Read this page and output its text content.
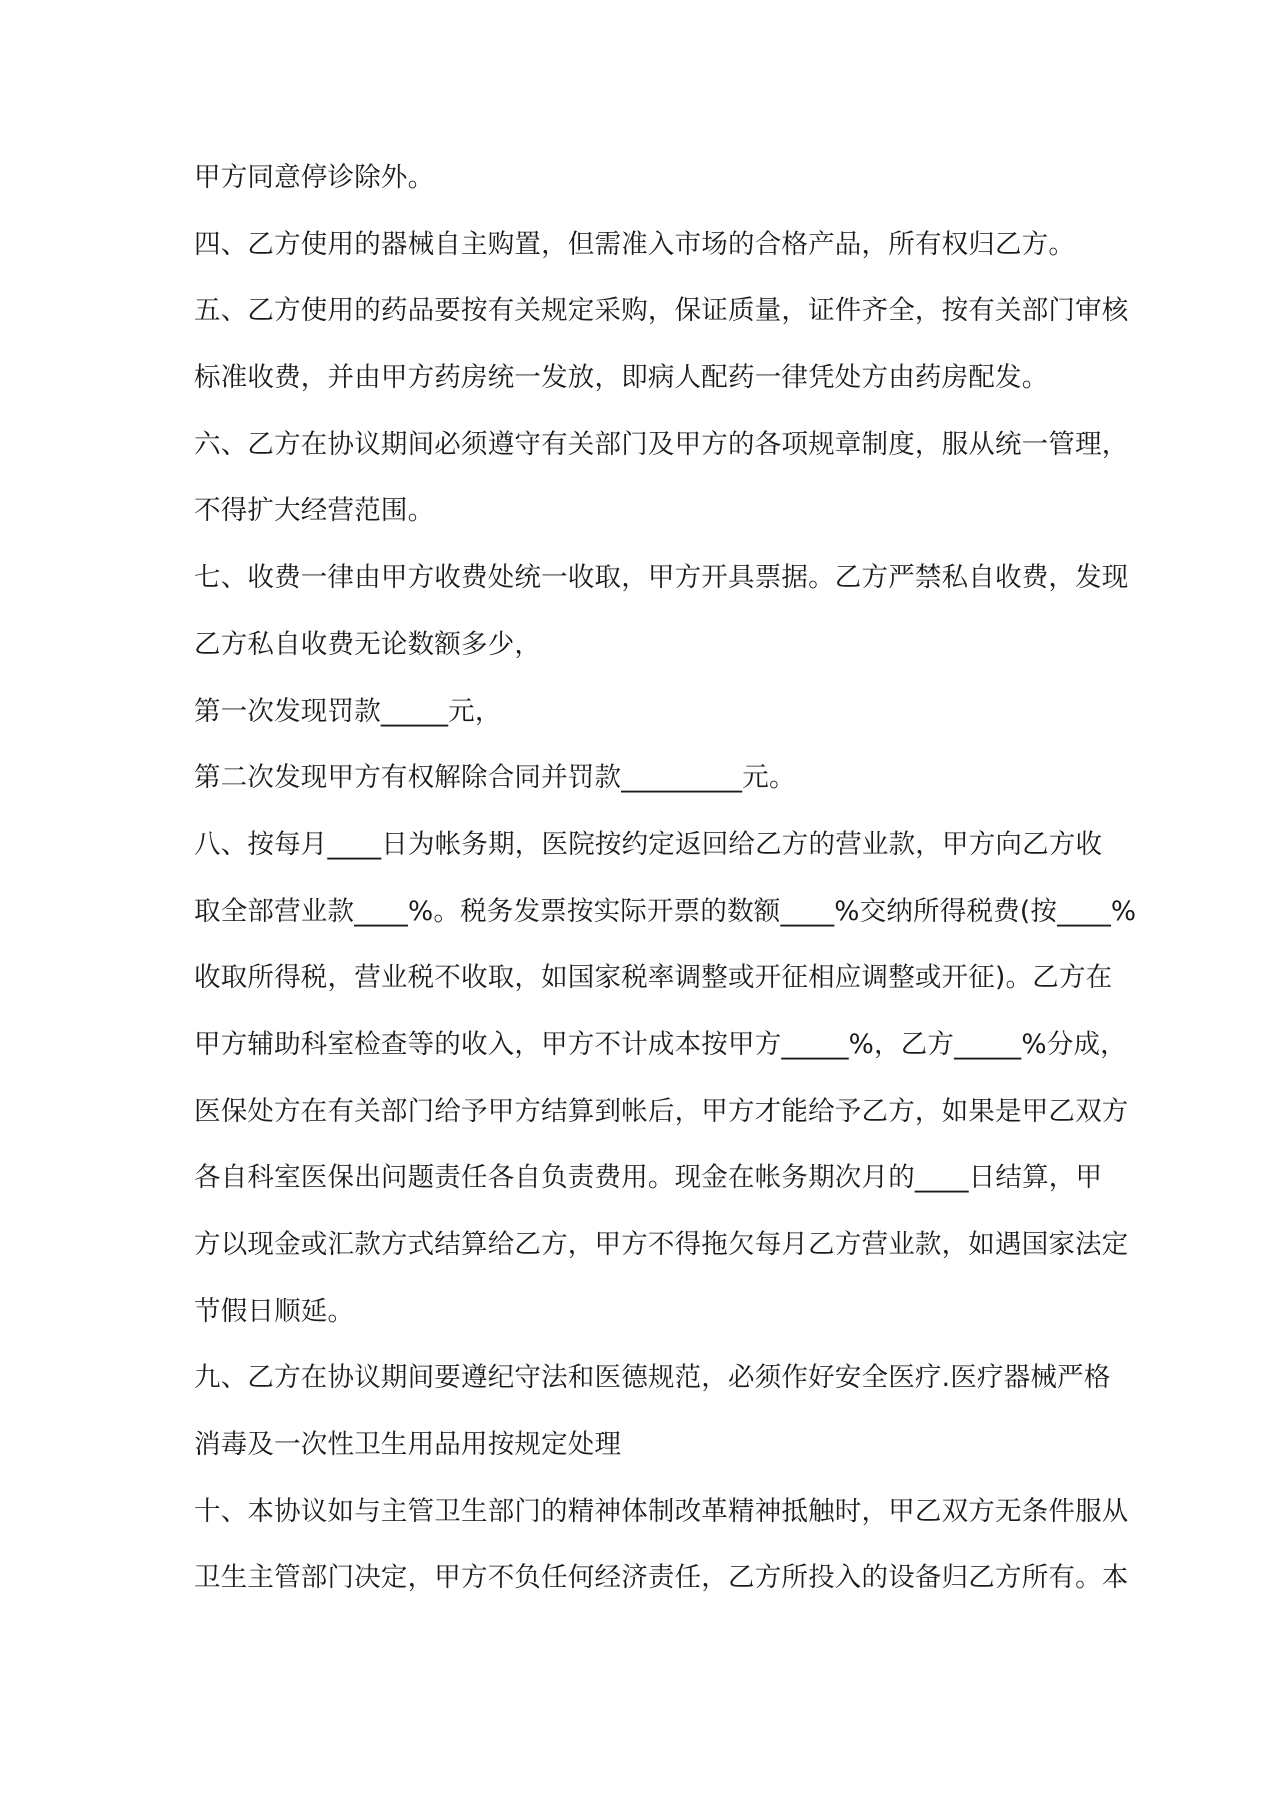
甲方同意停诊除外。
四、乙方使用的器械自主购置，但需准入市场的合格产品，所有权归乙方。
五、乙方使用的药品要按有关规定采购，保证质量，证件齐全，按有关部门审核
标准收费，并由甲方药房统一发放，即病人配药一律凭处方由药房配发。
六、乙方在协议期间必须遵守有关部门及甲方的各项规章制度，服从统一管理，
不得扩大经营范围。
七、收费一律由甲方收费处统一收取，甲方开具票据。乙方严禁私自收费，发现
乙方私自收费无论数额多少，
第一次发现罚款_____元，
第二次发现甲方有权解除合同并罚款_________元。
八、按每月____日为帐务期，医院按约定返回给乙方的营业款，甲方向乙方收
取全部营业款____%。税务发票按实际开票的数额____%交纳所得税费(按____%
收取所得税，营业税不收取，如国家税率调整或开征相应调整或开征)。乙方在
甲方辅助科室检查等的收入，甲方不计成本按甲方_____%，乙方_____%分成，
医保处方在有关部门给予甲方结算到帐后，甲方才能给予乙方，如果是甲乙双方
各自科室医保出问题责任各自负责费用。现金在帐务期次月的____日结算，甲
方以现金或汇款方式结算给乙方，甲方不得拖欠每月乙方营业款，如遇国家法定
节假日顺延。
九、乙方在协议期间要遵纪守法和医德规范，必须作好安全医疗.医疗器械严格
消毒及一次性卫生用品用按规定处理
十、本协议如与主管卫生部门的精神体制改革精神抵触时，甲乙双方无条件服从
卫生主管部门决定，甲方不负任何经济责任，乙方所投入的设备归乙方所有。本
